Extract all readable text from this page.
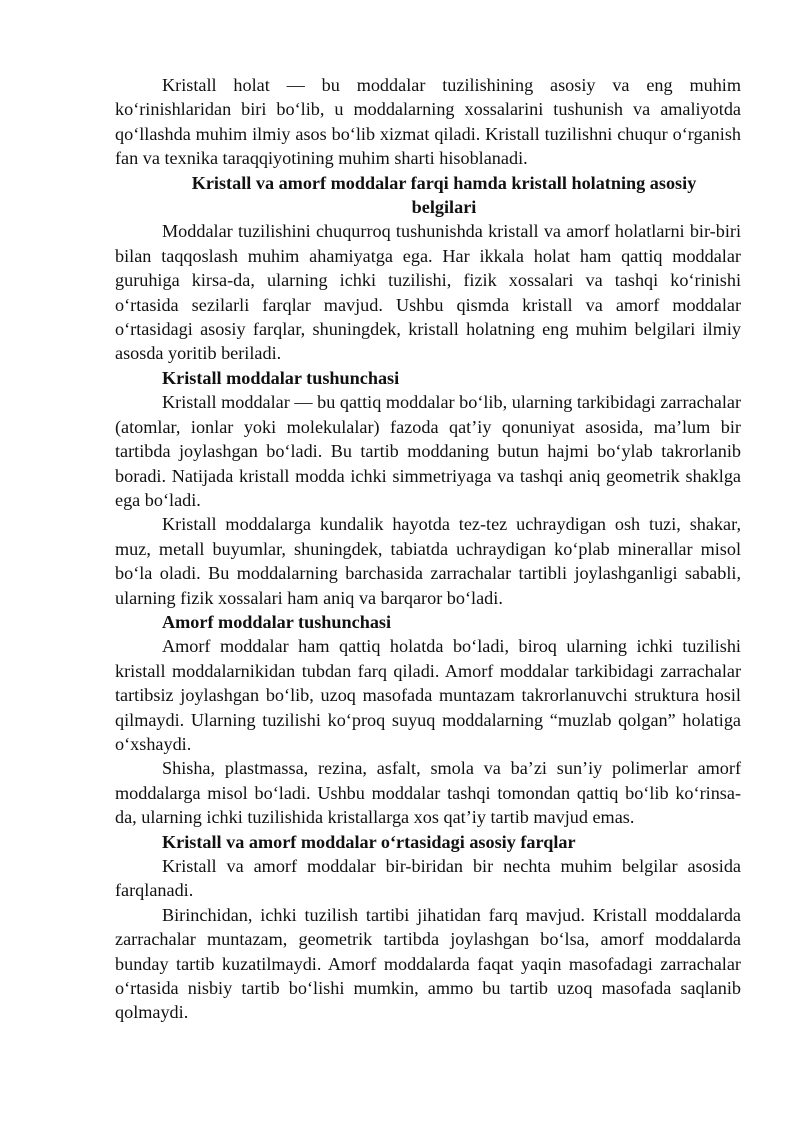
Kristall holat — bu moddalar tuzilishining asosiy va eng muhim ko‘rinishlaridan biri bo‘lib, u moddalarning xossalarini tushunish va amaliyotda qo‘llashda muhim ilmiy asos bo‘lib xizmat qiladi. Kristall tuzilishni chuqur o‘rganish fan va texnika taraqqiyotining muhim sharti hisoblanadi.

Kristall va amorf moddalar farqi hamda kristall holatning asosiy belgilari

Moddalar tuzilishini chuqurroq tushunishda kristall va amorf holatlarni bir-biri bilan taqqoslash muhim ahamiyatga ega. Har ikkala holat ham qattiq moddalar guruhiga kirsa-da, ularning ichki tuzilishi, fizik xossalari va tashqi ko‘rinishi o‘rtasida sezilarli farqlar mavjud. Ushbu qismda kristall va amorf moddalar o‘rtasidagi asosiy farqlar, shuningdek, kristall holatning eng muhim belgilari ilmiy asosda yoritib beriladi.

Kristall moddalar tushunchasi

Kristall moddalar — bu qattiq moddalar bo‘lib, ularning tarkibidagi zarrachalar (atomlar, ionlar yoki molekulalar) fazoda qat’iy qonuniyat asosida, ma’lum bir tartibda joylashgan bo‘ladi. Bu tartib moddaning butun hajmi bo‘ylab takrorlanib boradi. Natijada kristall modda ichki simmetriyaga va tashqi aniq geometrik shaklga ega bo‘ladi.

Kristall moddalarga kundalik hayotda tez-tez uchraydigan osh tuzi, shakar, muz, metall buyumlar, shuningdek, tabiatda uchraydigan ko‘plab minerallar misol bo‘la oladi. Bu moddalarning barchasida zarrachalar tartibli joylashganligi sababli, ularning fizik xossalari ham aniq va barqaror bo‘ladi.

Amorf moddalar tushunchasi

Amorf moddalar ham qattiq holatda bo‘ladi, biroq ularning ichki tuzilishi kristall moddalarnikidan tubdan farq qiladi. Amorf moddalar tarkibidagi zarrachalar tartibsiz joylashgan bo‘lib, uzoq masofada muntazam takrorlanuvchi struktura hosil qilmaydi. Ularning tuzilishi ko‘proq suyuq moddalarning “muzlab qolgan” holatiga o‘xshaydi.

Shisha, plastmassa, rezina, asfalt, smola va ba’zi sun’iy polimerlar amorf moddalarga misol bo‘ladi. Ushbu moddalar tashqi tomondan qattiq bo‘lib ko‘rinsa-da, ularning ichki tuzilishida kristallarga xos qat’iy tartib mavjud emas.

Kristall va amorf moddalar o‘rtasidagi asosiy farqlar

Kristall va amorf moddalar bir-biridan bir nechta muhim belgilar asosida farqlanadi.

Birinchidan, ichki tuzilish tartibi jihatidan farq mavjud. Kristall moddalarda zarrachalar muntazam, geometrik tartibda joylashgan bo‘lsa, amorf moddalarda bunday tartib kuzatilmaydi. Amorf moddalarda faqat yaqin masofadagi zarrachalar o‘rtasida nisbiy tartib bo‘lishi mumkin, ammo bu tartib uzoq masofada saqlanib qolmaydi.
